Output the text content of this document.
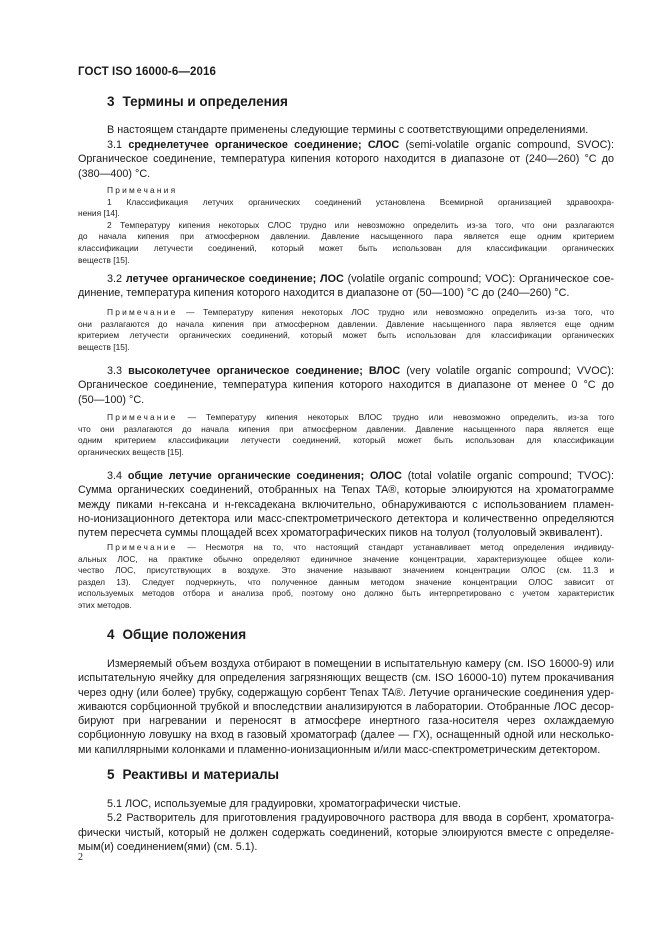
ГОСТ ISO 16000-6—2016
3 Термины и определения
В настоящем стандарте применены следующие термины с соответствующими определениями.
3.1 среднелетучее органическое соединение; СЛОС (semi-volatile organic compound, SVOC):
Органическое соединение, температура кипения которого находится в диапазоне от (240—260) °С до
(380—400) °С.
Примечания
1 Классификация летучих органических соединений установлена Всемирной организацией здравоохра-
нения [14].
2 Температуру кипения некоторых СЛОС трудно или невозможно определить из-за того, что они разлагаются
до начала кипения при атмосферном давлении. Давление насыщенного пара является еще одним критерием
классификации летучести соединений, который может быть использован для классификации органических
веществ [15].
3.2 летучее органическое соединение; ЛОС (volatile organic compound; VOC): Органическое сое-
динение, температура кипения которого находится в диапазоне от (50—100) °С до (240—260) °С.
Примечание — Температуру кипения некоторых ЛОС трудно или невозможно определить из-за того, что
они разлагаются до начала кипения при атмосферном давлении. Давление насыщенного пара является еще одним
критерием летучести органических соединений, который может быть использован для классификации органических
веществ [15].
3.3 высоколетучее органическое соединение; ВЛОС (very volatile organic compound; VVOC):
Органическое соединение, температура кипения которого находится в диапазоне от менее 0 °С до
(50—100) °С.
Примечание — Температуру кипения некоторых ВЛОС трудно или невозможно определить, из-за того
что они разлагаются до начала кипения при атмосферном давлении. Давление насыщенного пара является еще
одним критерием классификации летучести соединений, который может быть использован для классификации
органических веществ [15].
3.4 общие летучие органические соединения; ОЛОС (total volatile organic compound; TVOC):
Сумма органических соединений, отобранных на Tenax TA®, которые элюируются на хроматограмме
между пиками н-гексана и н-гексадекана включительно, обнаруживаются с использованием пламен-
но-ионизационного детектора или масс-спектрометрического детектора и количественно определяются
путем пересчета суммы площадей всех хроматографических пиков на толуол (толуоловый эквивалент).
Примечание — Несмотря на то, что настоящий стандарт устанавливает метод определения индивиду-
альных ЛОС, на практике обычно определяют единичное значение концентрации, характеризующее общее коли-
чество ЛОС, присутствующих в воздухе. Это значение называют значением концентрации ОЛОС (см. 11.3 и
раздел 13). Следует подчеркнуть, что полученное данным методом значение концентрации ОЛОС зависит от
используемых методов отбора и анализа проб, поэтому оно должно быть интерпретировано с учетом характеристик
этих методов.
4 Общие положения
Измеряемый объем воздуха отбирают в помещении в испытательную камеру (см. ISO 16000-9) или
испытательную ячейку для определения загрязняющих веществ (см. ISO 16000-10) путем прокачивания
через одну (или более) трубку, содержащую сорбент Tenax TA®. Летучие органические соединения удер-
живаются сорбционной трубкой и впоследствии анализируются в лаборатории. Отобранные ЛОС десор-
бируют при нагревании и переносят в атмосфере инертного газа-носителя через охлаждаемую
сорбционную ловушку на вход в газовый хроматограф (далее — ГХ), оснащенный одной или несколько-
ми капиллярными колонками и пламенно-ионизационным и/или масс-спектрометрическим детектором.
5 Реактивы и материалы
5.1 ЛОС, используемые для градуировки, хроматографически чистые.
5.2 Растворитель для приготовления градуировочного раствора для ввода в сорбент, хроматогра-
фически чистый, который не должен содержать соединений, которые элюируются вместе с определяе-
мым(и) соединением(ями) (см. 5.1).
2
